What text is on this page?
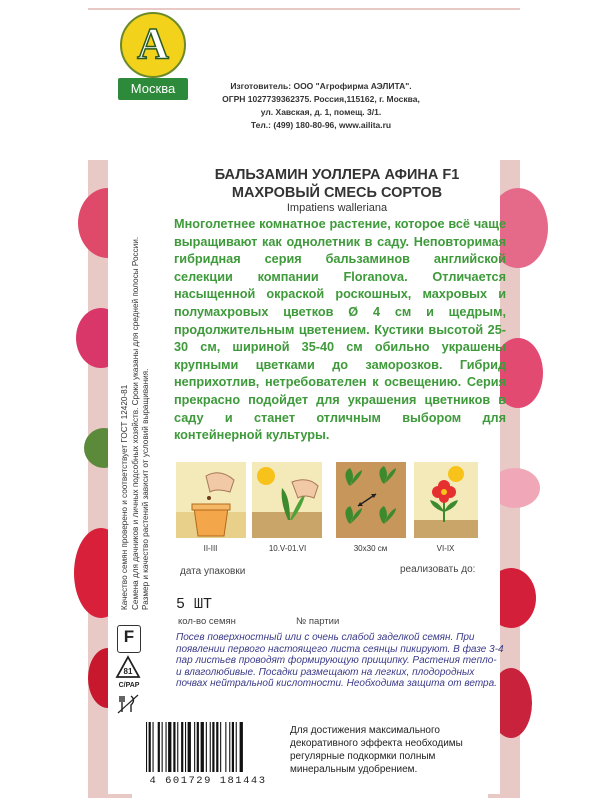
А
Москва	Изготовитель: ООО "Агрофирма АЭЛИТА".
ОГРН 1027739362375. Россия,115162, г. Москва,
ул. Хавская, д. 1, помещ. 3/1.
Тел.: (499) 180-80-96, www.ailita.ru
БАЛЬЗАМИН УОЛЛЕРА АФИНА F1
МАХРОВЫЙ СМЕСЬ СОРТОВ
Impatiens walleriana
Многолетнее комнатное растение, которое всё чаще выращивают как однолетник в саду. Неповторимая гибридная серия бальзаминов английской селекции компании Floranova. Отличается насыщенной окраской роскошных, махровых и полумахровых цветков Ø 4 см и щедрым, продолжительным цветением. Кустики высотой 25-30 см, шириной 35-40 см обильно украшены крупными цветками до заморозков. Гибрид неприхотлив, нетребователен к освещению. Серия прекрасно подойдет для украшения цветников в саду и станет отличным выбором для контейнерной культуры.
Качество семян проверено и соответствует ГОСТ 12420-81 Семена для дачников и личных подсобных хозяйств. Сроки указаны для средней полосы России. Размер и качество растений зависит от условий выращивания.	II-III	10.V-01.VI	30x30 см	VI-IX
дата упаковки	реализовать до:
5 ШТ
кол-во семян	№ партии
Посев поверхностный или с очень слабой заделкой семян. При появлении первого настоящего листа сеянцы пикируют. В фазе 3-4 пар листьев проводят формирующую прищипку. Растения тепло- и влаголюбивые. Посадки размещают на легких, плодородных почвах нейтральной кислотности. Необходима защита от ветра.
F
81
C/PAP
4 601729 181443
Для достижения максимального декоративного эффекта необходимы регулярные подкормки полным минеральным удобрением.
